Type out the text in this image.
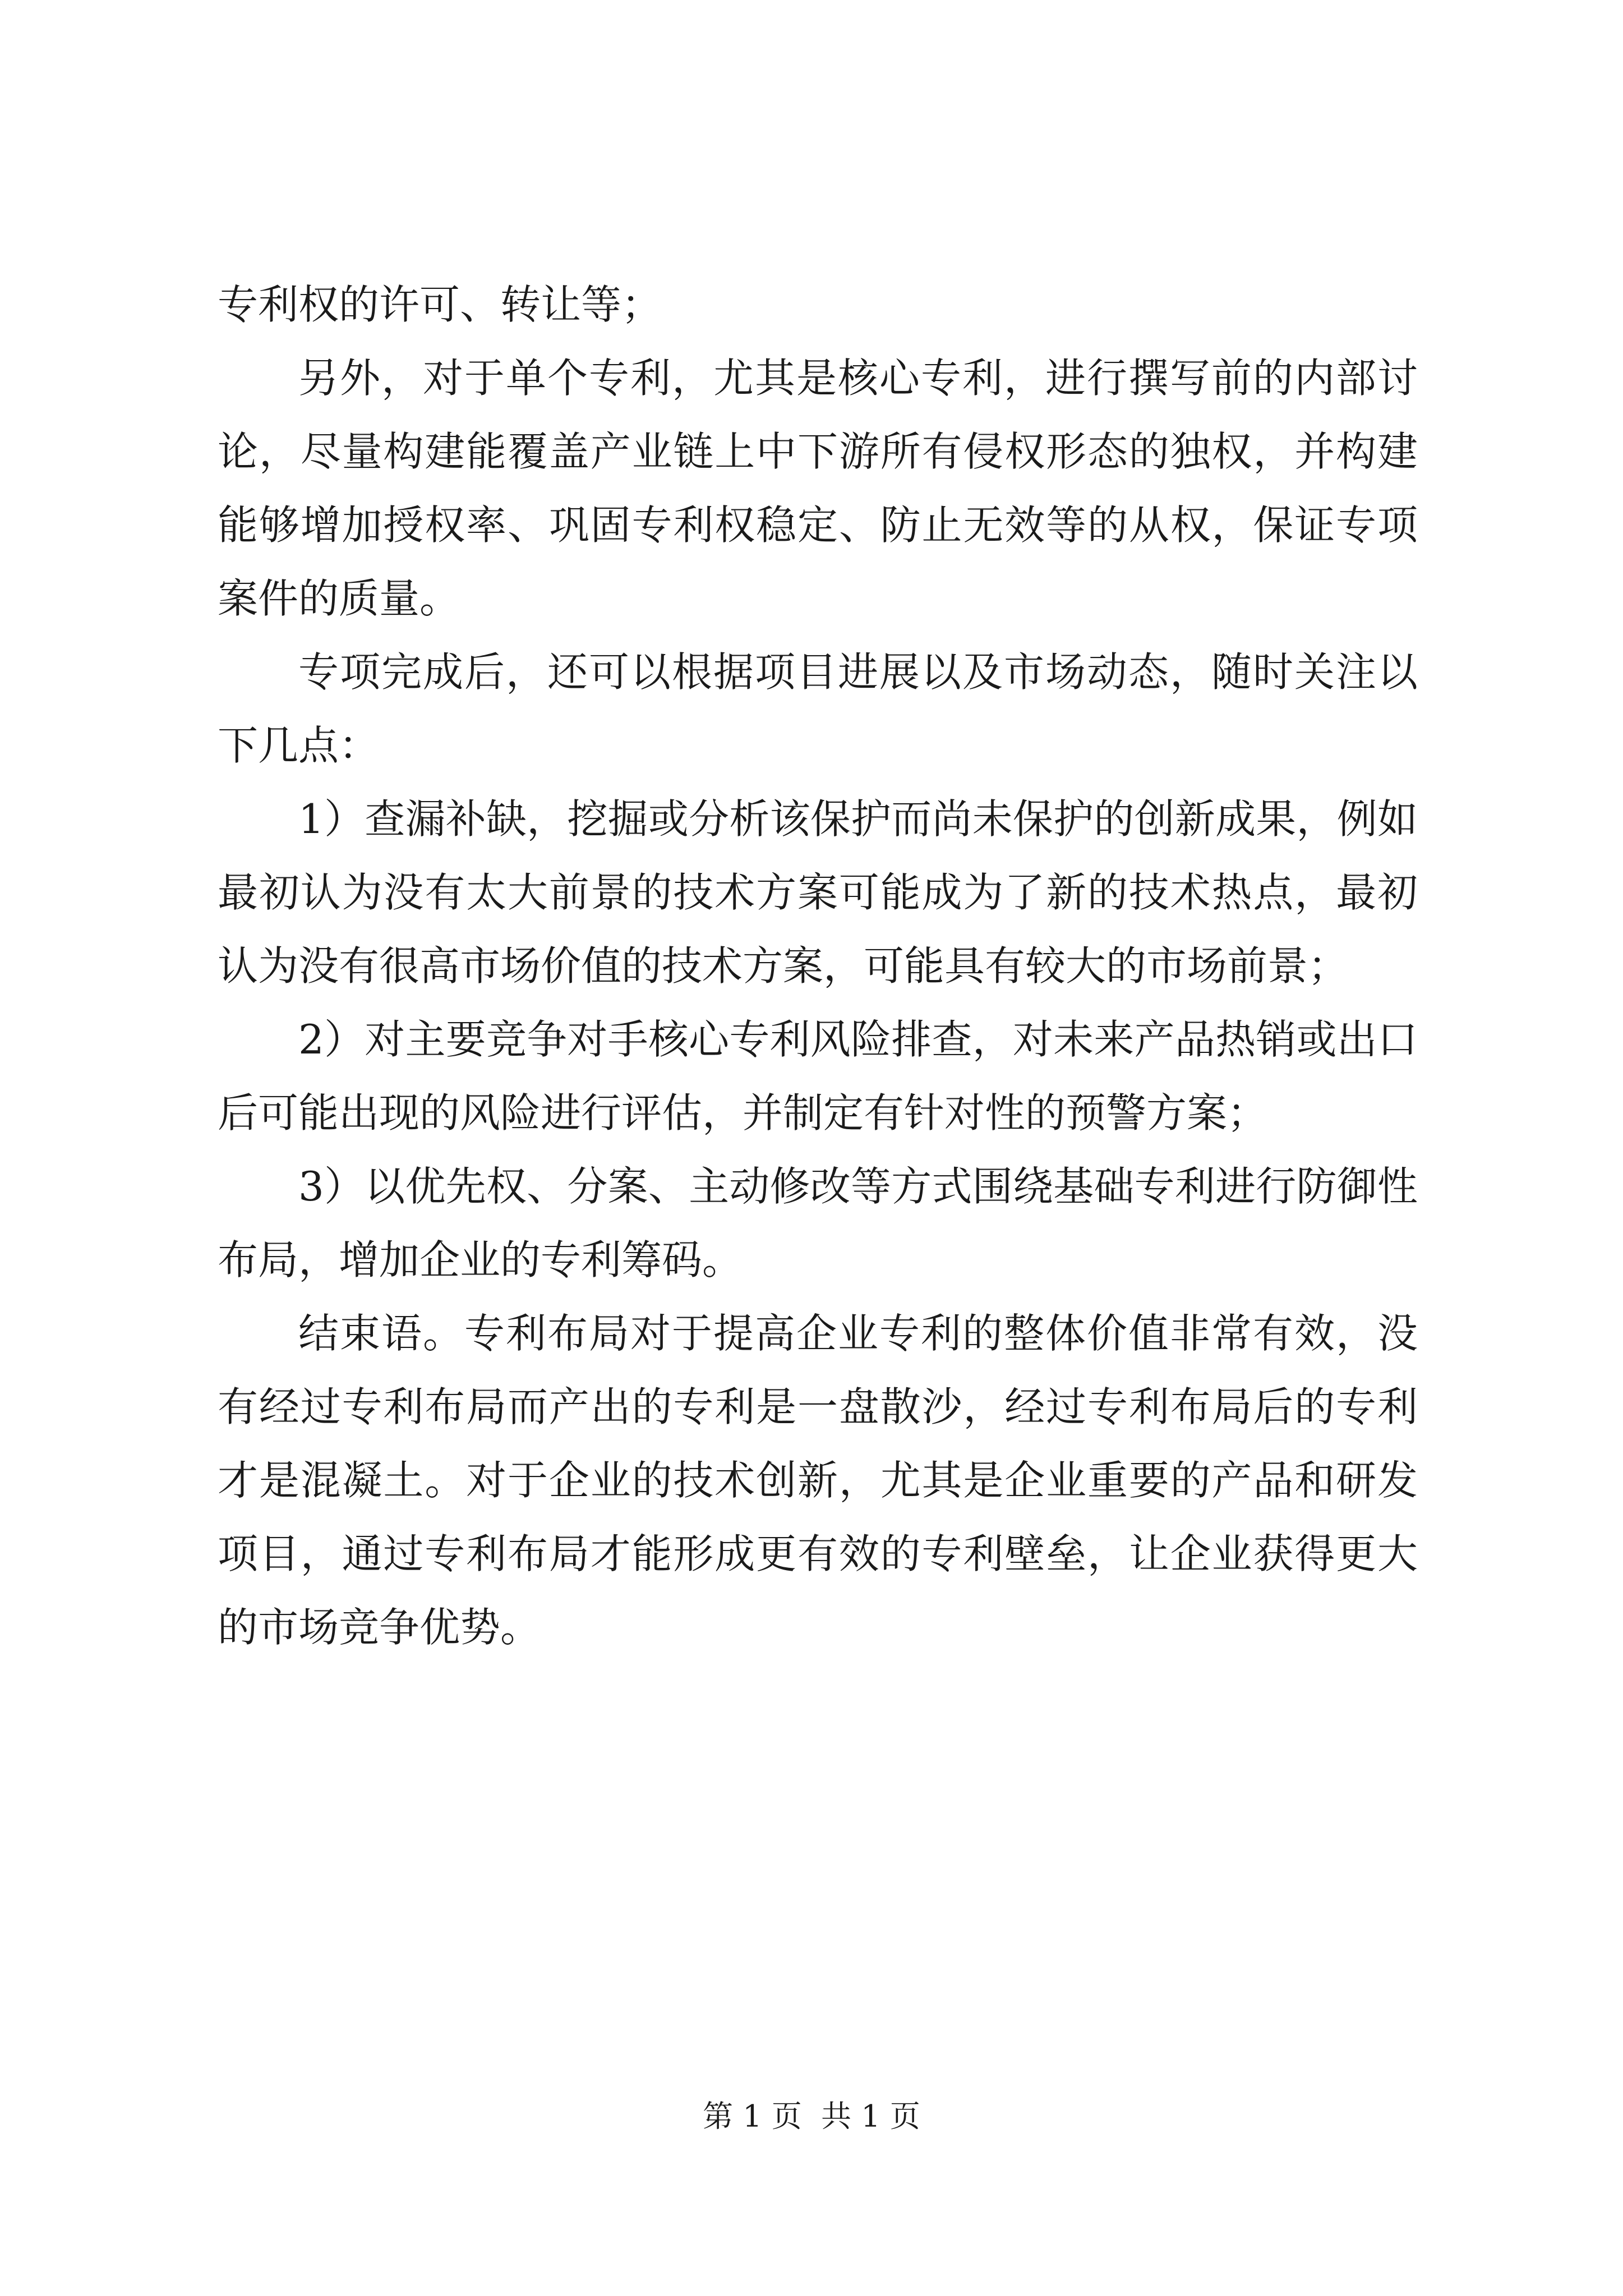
专利权的许可、转让等；

另外，对于单个专利，尤其是核心专利，进行撰写前的内部讨论，尽量构建能覆盖产业链上中下游所有侵权形态的独权，并构建能够增加授权率、巩固专利权稳定、防止无效等的从权，保证专项案件的质量。

专项完成后，还可以根据项目进展以及市场动态，随时关注以下几点：

1）查漏补缺，挖掘或分析该保护而尚未保护的创新成果，例如最初认为没有太大前景的技术方案可能成为了新的技术热点，最初认为没有很高市场价值的技术方案，可能具有较大的市场前景；

2）对主要竞争对手核心专利风险排查，对未来产品热销或出口后可能出现的风险进行评估，并制定有针对性的预警方案；

3）以优先权、分案、主动修改等方式围绕基础专利进行防御性布局，增加企业的专利筹码。

结束语。专利布局对于提高企业专利的整体价值非常有效，没有经过专利布局而产出的专利是一盘散沙，经过专利布局后的专利才是混凝土。对于企业的技术创新，尤其是企业重要的产品和研发项目，通过专利布局才能形成更有效的专利壁垒，让企业获得更大的市场竞争优势。

第 1 页  共 1 页
